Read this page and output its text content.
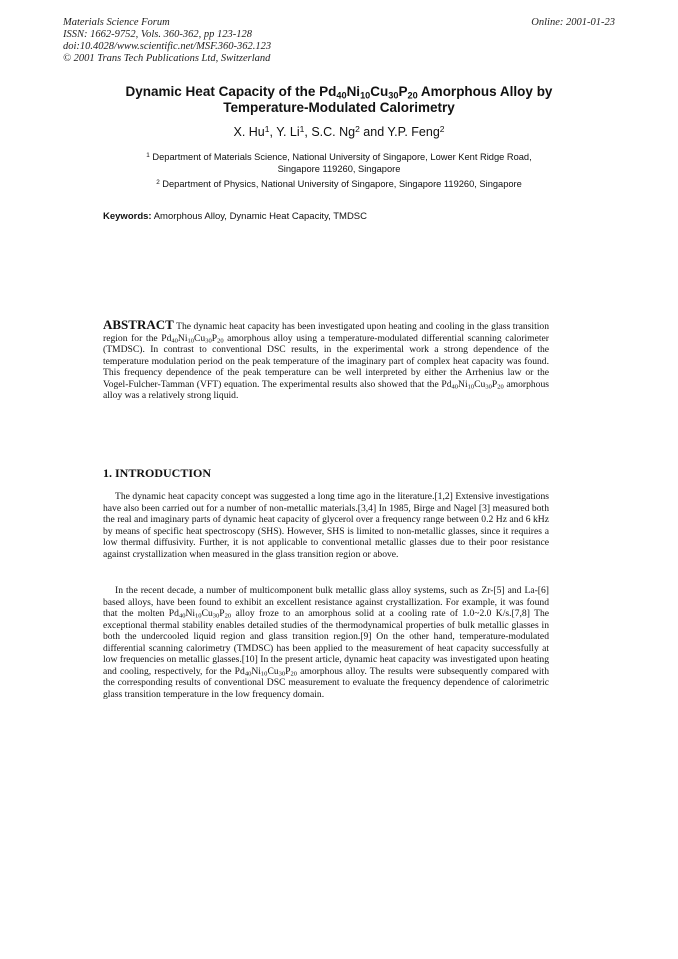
Materials Science Forum
ISSN: 1662-9752, Vols. 360-362, pp 123-128
doi:10.4028/www.scientific.net/MSF.360-362.123
© 2001 Trans Tech Publications Ltd, Switzerland
Online: 2001-01-23
Dynamic Heat Capacity of the $Pd_{40}Ni_{10}Cu_{30}P_{20}$ Amorphous Alloy by
Temperature-Modulated Calorimetry
X. Hu$^1$, Y. Li$^1$, S.C. Ng$^2$ and Y.P. Feng$^2$
$^1$ Department of Materials Science, National University of Singapore, Lower Kent Ridge Road,
Singapore 119260, Singapore
$^2$ Department of Physics, National University of Singapore, Singapore 119260, Singapore
Keywords: Amorphous Alloy, Dynamic Heat Capacity, TMDSC
ABSTRACT The dynamic heat capacity has been investigated upon heating and cooling in the glass transition region for the $Pd_{40}Ni_{10}Cu_{30}P_{20}$ amorphous alloy using a temperature-modulated differential scanning calorimeter (TMDSC). In contrast to conventional DSC results, in the experimental work a strong dependence of the temperature modulation period on the peak temperature of the imaginary part of complex heat capacity was found. This frequency dependence of the peak temperature can be well interpreted by either the Arrhenius law or the Vogel-Fulcher-Tamman (VFT) equation. The experimental results also showed that the $Pd_{40}Ni_{10}Cu_{30}P_{20}$ amorphous alloy was a relatively strong liquid.
1. INTRODUCTION
The dynamic heat capacity concept was suggested a long time ago in the literature.[1,2] Extensive investigations have also been carried out for a number of non-metallic materials.[3,4] In 1985, Birge and Nagel [3] measured both the real and imaginary parts of dynamic heat capacity of glycerol over a frequency range between 0.2 Hz and 6 kHz by means of specific heat spectroscopy (SHS). However, SHS is limited to non-metallic glasses, since it requires a low thermal diffusivity. Further, it is not applicable to conventional metallic glasses due to their poor resistance against crystallization when measured in the glass transition region or above.
In the recent decade, a number of multicomponent bulk metallic glass alloy systems, such as Zr-[5] and La-[6] based alloys, have been found to exhibit an excellent resistance against crystallization. For example, it was found that the molten $Pd_{40}Ni_{10}Cu_{30}P_{20}$ alloy froze to an amorphous solid at a cooling rate of 1.0~2.0 K/s.[7,8] The exceptional thermal stability enables detailed studies of the thermodynamical properties of bulk metallic glasses in both the undercooled liquid region and glass transition region.[9] On the other hand, temperature-modulated differential scanning calorimetry (TMDSC) has been applied to the measurement of heat capacity successfully at low frequencies on metallic glasses.[10] In the present article, dynamic heat capacity was investigated upon heating and cooling, respectively, for the $Pd_{40}Ni_{10}Cu_{30}P_{20}$ amorphous alloy. The results were subsequently compared with the corresponding results of conventional DSC measurement to evaluate the frequency dependence of calorimetric glass transition temperature in the low frequency domain.
